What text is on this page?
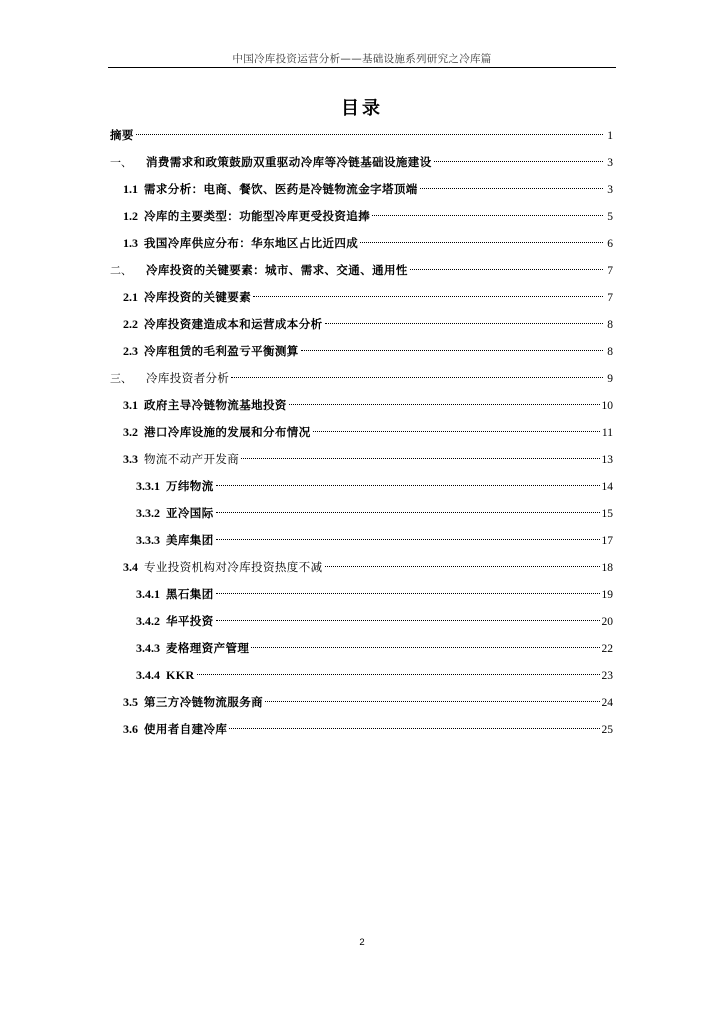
中国冷库投资运营分析——基础设施系列研究之冷库篇
目录
摘要	1
一、 消费需求和政策鼓励双重驱动冷库等冷链基础设施建设	3
1.1 需求分析：电商、餐饮、医药是冷链物流金字塔顶端	3
1.2 冷库的主要类型：功能型冷库更受投资追捧	5
1.3 我国冷库供应分布：华东地区占比近四成	6
二、 冷库投资的关键要素：城市、需求、交通、通用性	7
2.1 冷库投资的关键要素	7
2.2 冷库投资建造成本和运营成本分析	8
2.3 冷库租赁的毛利盈亏平衡测算	8
三、 冷库投资者分析	9
3.1 政府主导冷链物流基地投资	10
3.2 港口冷库设施的发展和分布情况	11
3.3 物流不动产开发商	13
3.3.1 万纬物流	14
3.3.2 亚冷国际	15
3.3.3 美库集团	17
3.4 专业投资机构对冷库投资热度不减	18
3.4.1 黑石集团	19
3.4.2 华平投资	20
3.4.3 麦格理资产管理	22
3.4.4 KKR	23
3.5 第三方冷链物流服务商	24
3.6 使用者自建冷库	25
2
